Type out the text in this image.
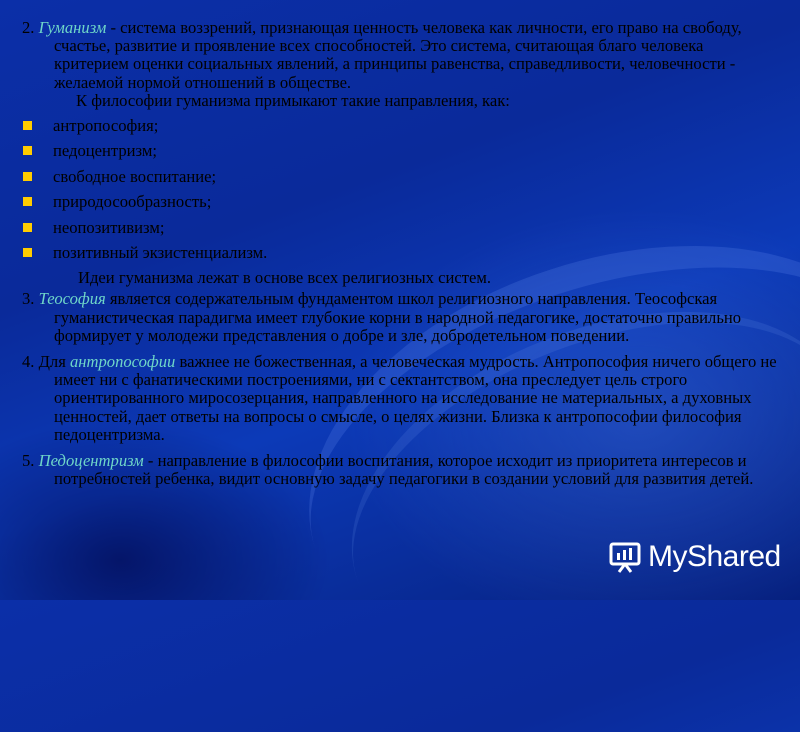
2. Гуманизм - система воззрений, признающая ценность человека как личности, его право на свободу, счастье, развитие и проявление всех способностей. Это система, считающая благо человека критерием оценки социальных явлений, а принципы равенства, справедливости, человечности - желаемой нормой отношений в обществе.
К философии гуманизма примыкают такие направления, как:

антропософия;
педоцентризм;
свободное воспитание;
природосообразность;
неопозитивизм;
позитивный экзистенциализм.

Идеи гуманизма лежат в основе всех религиозных систем.

3. Теософия является содержательным фундаментом школ религиозного направления. Теософская гуманистическая парадигма имеет глубокие корни в народной педагогике, достаточно правильно формирует у молодежи представления о добре и зле, добродетельном поведении.

4. Для антропософии важнее не божественная, а человеческая мудрость. Антропософия ничего общего не имеет ни с фанатическими построениями, ни с сектантством, она преследует цель строго ориентированного миросозерцания, направленного на исследование не материальных, а духовных ценностей, дает ответы на вопросы о смысле, о целях жизни. Близка к антропософии философия педоцентризма.

5. Педоцентризм - направление в философии воспитания, которое исходит из приоритета интересов и потребностей ребенка, видит основную задачу педагогики в создании условий для развития детей.

MyShared
